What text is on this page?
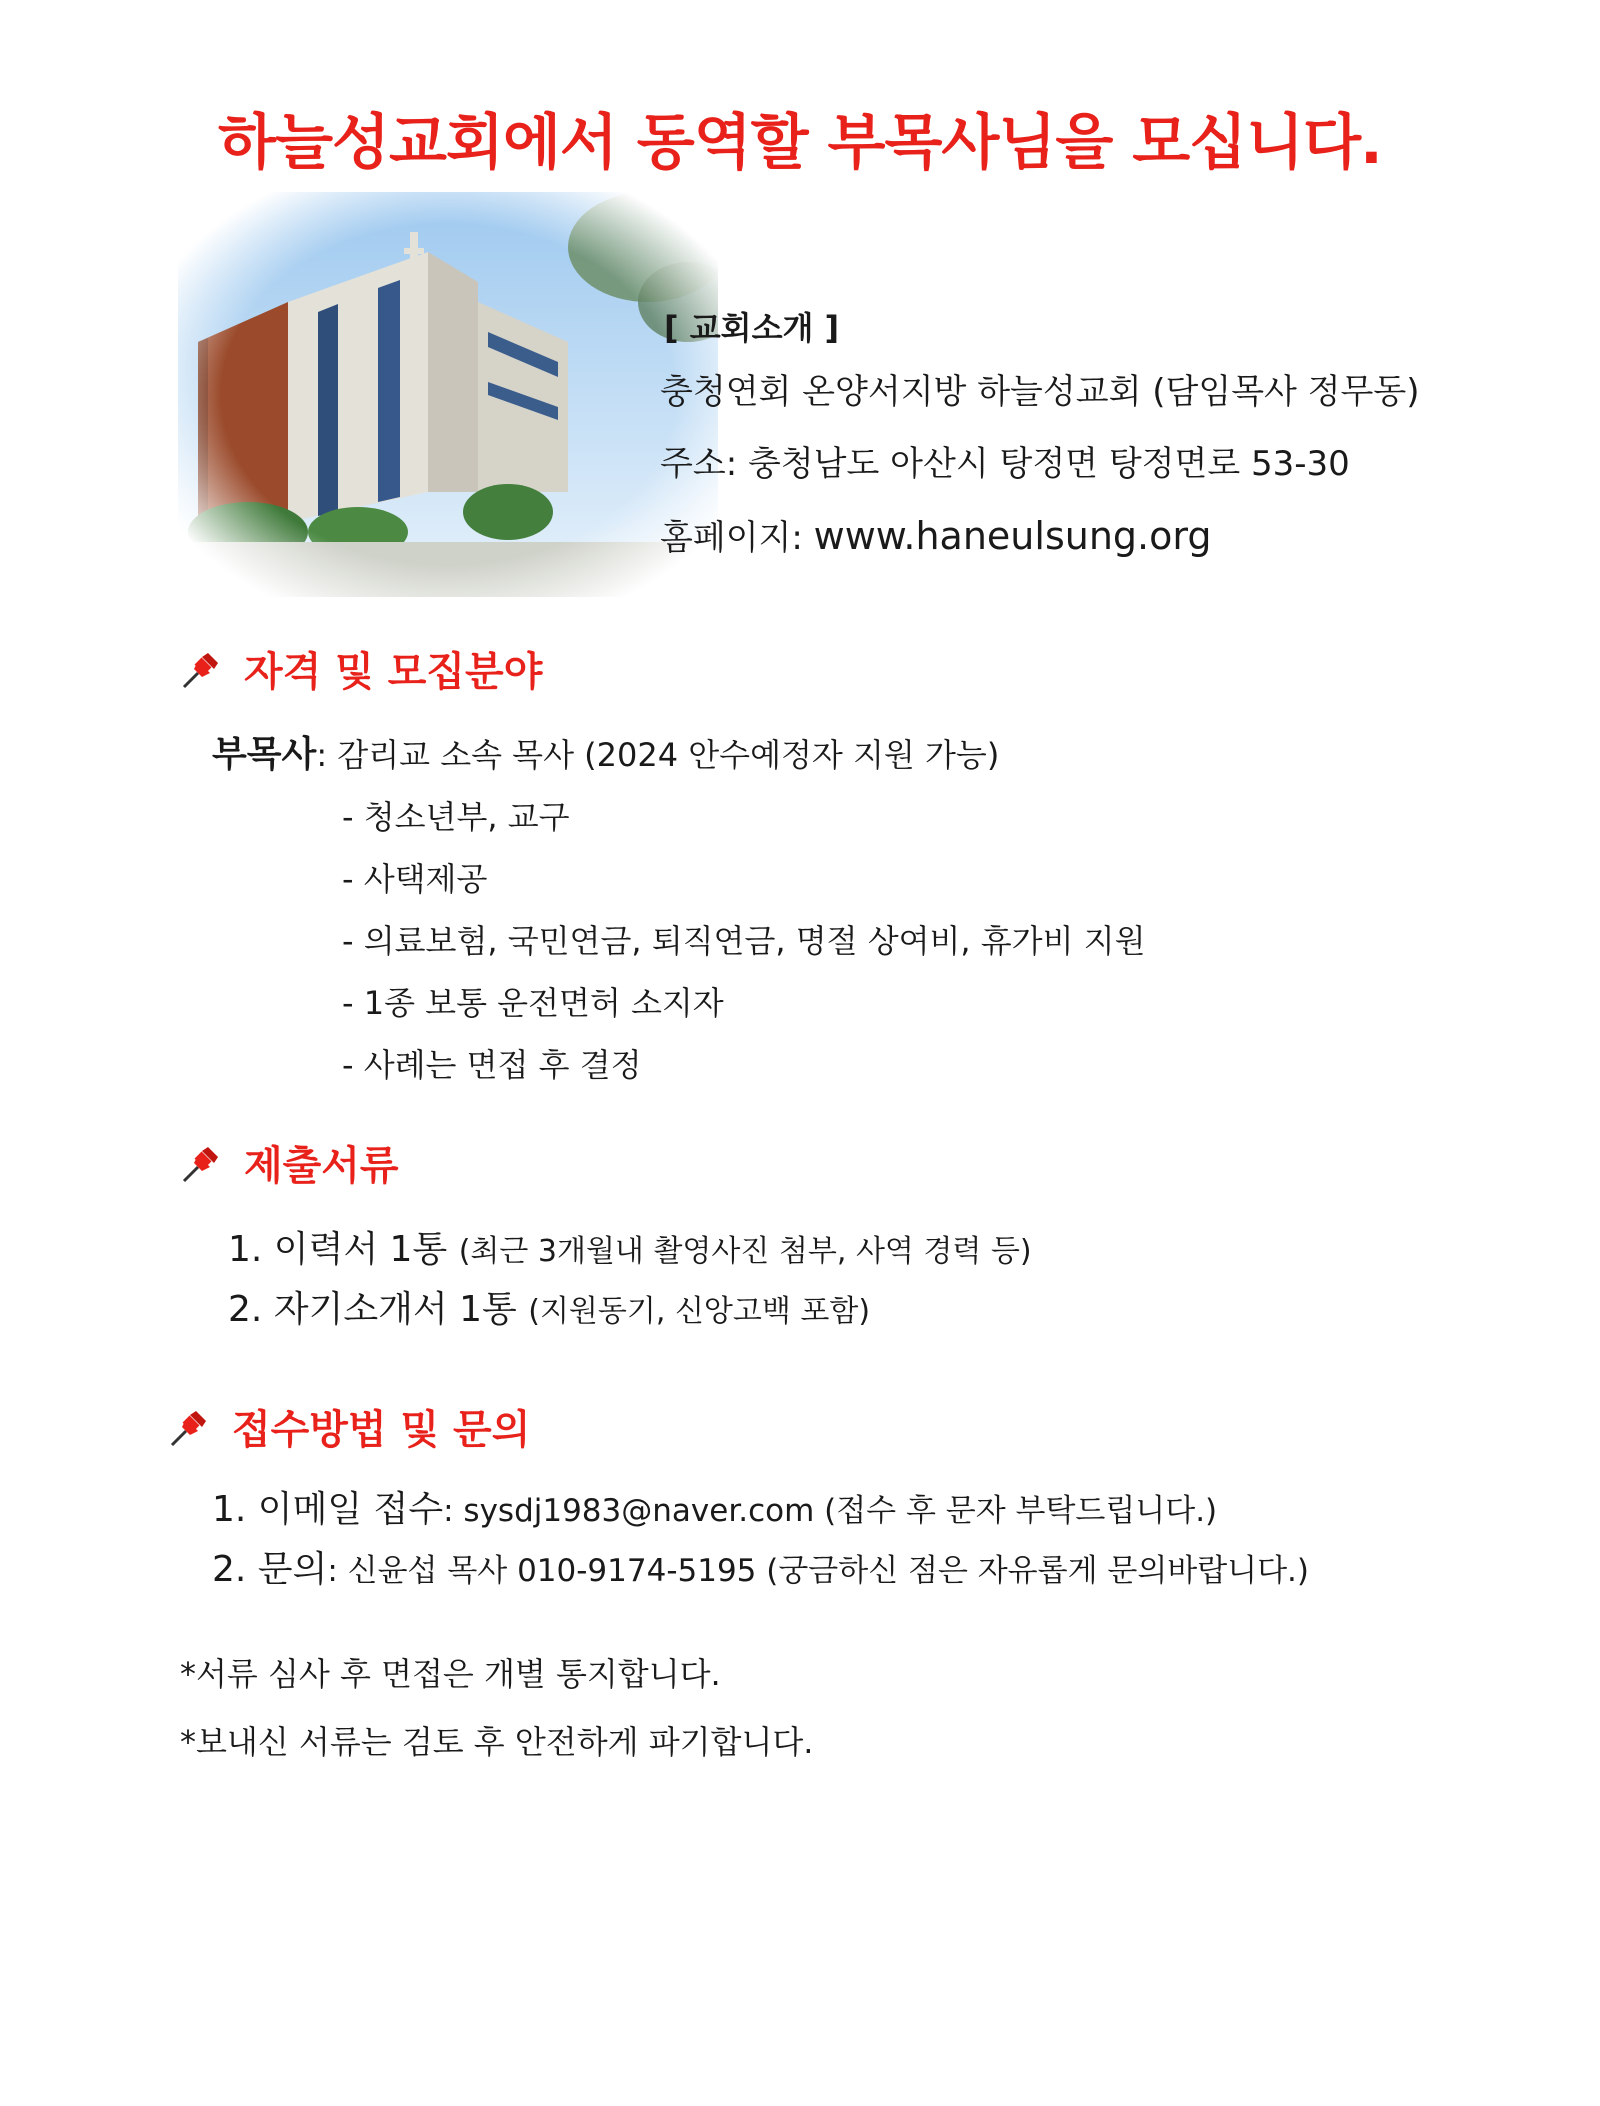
하늘성교회에서 동역할 부목사님을 모십니다.
[ 교회소개 ]
충청연회 온양서지방 하늘성교회 (담임목사 정무동)
주소: 충청남도 아산시 탕정면 탕정면로 53-30
홈페이지: www.haneulsung.org
자격 및 모집분야
부목사: 감리교 소속 목사 (2024 안수예정자 지원 가능)
- 청소년부, 교구
- 사택제공
- 의료보험, 국민연금, 퇴직연금, 명절 상여비, 휴가비 지원
- 1종 보통 운전면허 소지자
- 사례는 면접 후 결정
제출서류
1. 이력서 1통 (최근 3개월내 촬영사진 첨부, 사역 경력 등)
2. 자기소개서 1통 (지원동기, 신앙고백 포함)
접수방법 및 문의
1. 이메일 접수: sysdj1983@naver.com (접수 후 문자 부탁드립니다.)
2. 문의: 신윤섭 목사 010-9174-5195 (궁금하신 점은 자유롭게 문의바랍니다.)
*서류 심사 후 면접은 개별 통지합니다.
*보내신 서류는 검토 후 안전하게 파기합니다.
